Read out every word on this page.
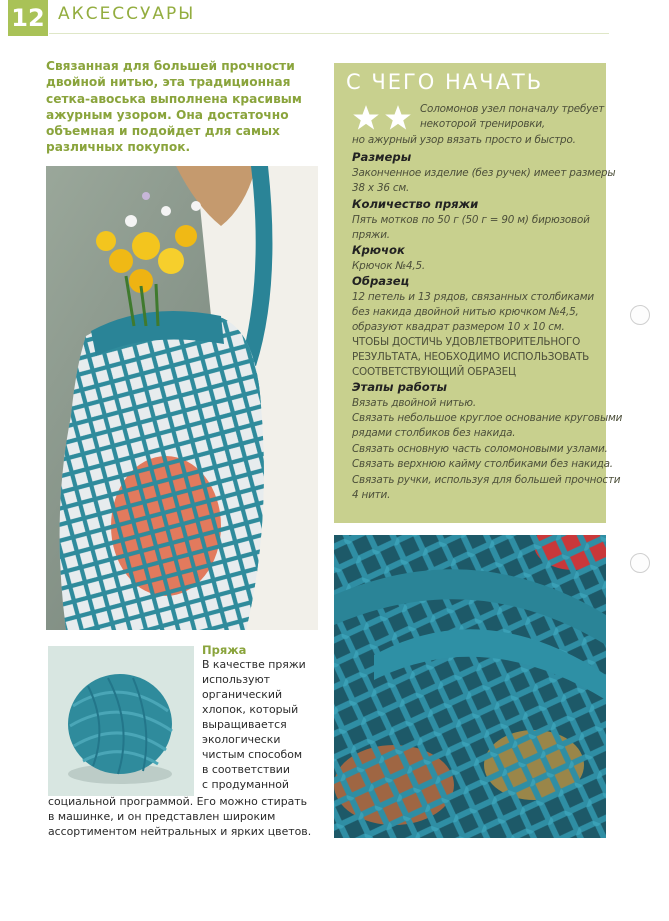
12 АКСЕССУАРЫ
Связанная для большей прочности
двойной нитью, эта традиционная
сетка-авоська выполнена красивым
ажурным узором. Она достаточно
объемная и подойдет для самых
различных покупок.
С ЧЕГО НАЧАТЬ
Соломонов узел поначалу требует
некоторой тренировки,
но ажурный узор вязать просто и быстро.
Размеры
Законченное изделие (без ручек) имеет размеры
38 х 36 см.
Количество пряжи
Пять мотков по 50 г (50 г = 90 м) бирюзовой
пряжи.
Крючок
Крючок №4,5.
Образец
12 петель и 13 рядов, связанных столбиками
без накида двойной нитью крючком №4,5,
образуют квадрат размером 10 х 10 см.
ЧТОБЫ ДОСТИЧЬ УДОВЛЕТВОРИТЕЛЬНОГО
РЕЗУЛЬТАТА, НЕОБХОДИМО ИСПОЛЬЗОВАТЬ
СООТВЕТСТВУЮЩИЙ ОБРАЗЕЦ
Этапы работы
Вязать двойной нитью.
Связать небольшое круглое основание круговыми
рядами столбиков без накида.
Связать основную часть соломоновыми узлами.
Связать верхнюю кайму столбиками без накида.
Связать ручки, используя для большей прочности
4 нити.
Пряжа
В качестве пряжи
используют
органический
хлопок, который
выращивается
экологически
чистым способом
в соответствии
с продуманной
социальной программой. Его можно стирать
в машинке, и он представлен широким
ассортиментом нейтральных и ярких цветов.
